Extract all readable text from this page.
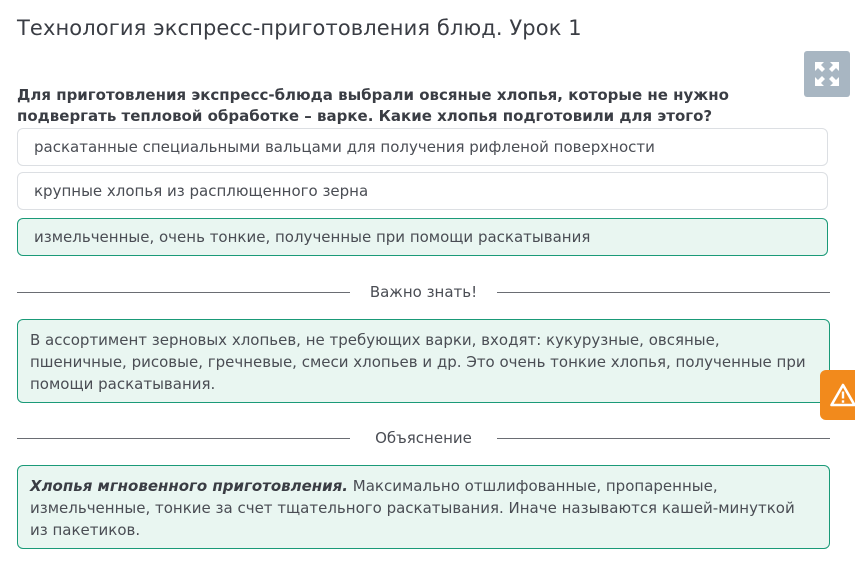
Технология экспресс-приготовления блюд. Урок 1
Для приготовления экспресс-блюда выбрали овсяные хлопья, которые не нужно подвергать тепловой обработке – варке. Какие хлопья подготовили для этого?
раскатанные специальными вальцами для получения рифленой поверхности
крупные хлопья из расплющенного зерна
измельченные, очень тонкие, полученные при помощи раскатывания
Важно знать!
В ассортимент зерновых хлопьев, не требующих варки, входят: кукурузные, овсяные, пшеничные, рисовые, гречневые, смеси хлопьев и др. Это очень тонкие хлопья, полученные при помощи раскатывания.
Объяснение
Хлопья мгновенного приготовления. Максимально отшлифованные, пропаренные, измельченные, тонкие за счет тщательного раскатывания. Иначе называются кашей-минуткой из пакетиков.
